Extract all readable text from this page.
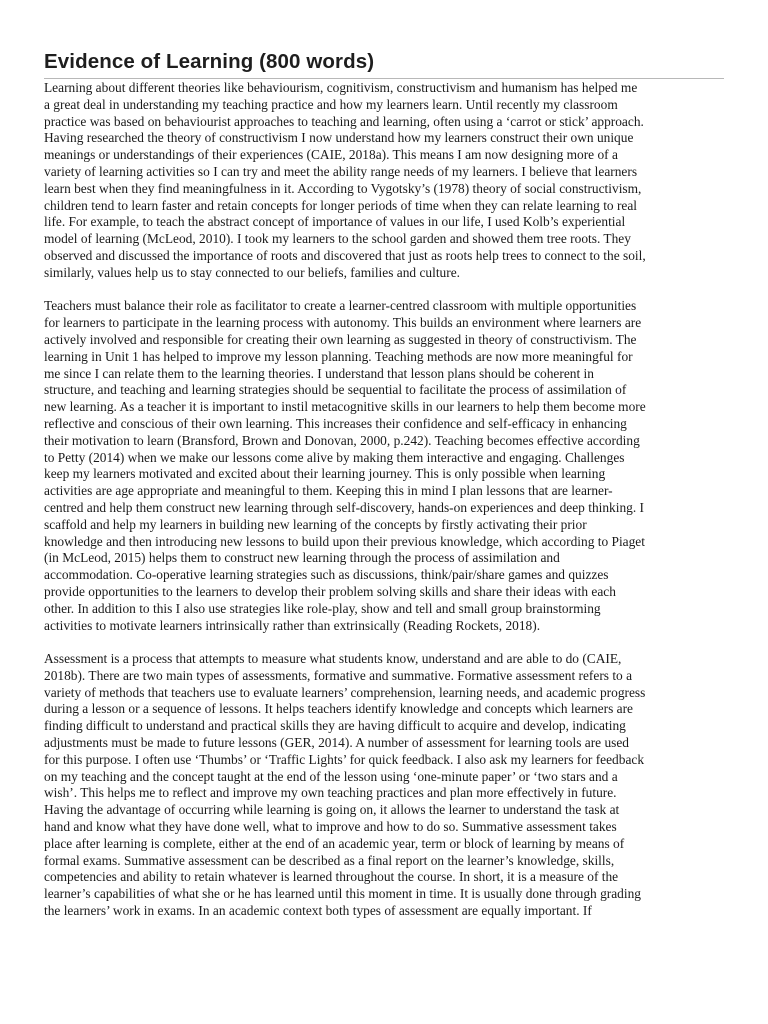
Evidence of Learning (800 words)

Learning about different theories like behaviourism, cognitivism, constructivism and humanism has helped me
a great deal in understanding my teaching practice and how my learners learn. Until recently my classroom
practice was based on behaviourist approaches to teaching and learning, often using a ‘carrot or stick’ approach.
Having researched the theory of constructivism I now understand how my learners construct their own unique
meanings or understandings of their experiences (CAIE, 2018a). This means I am now designing more of a
variety of learning activities so I can try and meet the ability range needs of my learners. I believe that learners
learn best when they find meaningfulness in it. According to Vygotsky’s (1978) theory of social constructivism,
children tend to learn faster and retain concepts for longer periods of time when they can relate learning to real
life. For example, to teach the abstract concept of importance of values in our life, I used Kolb’s experiential
model of learning (McLeod, 2010). I took my learners to the school garden and showed them tree roots. They
observed and discussed the importance of roots and discovered that just as roots help trees to connect to the soil,
similarly, values help us to stay connected to our beliefs, families and culture.

Teachers must balance their role as facilitator to create a learner-centred classroom with multiple opportunities
for learners to participate in the learning process with autonomy. This builds an environment where learners are
actively involved and responsible for creating their own learning as suggested in theory of constructivism. The
learning in Unit 1 has helped to improve my lesson planning. Teaching methods are now more meaningful for
me since I can relate them to the learning theories. I understand that lesson plans should be coherent in
structure, and teaching and learning strategies should be sequential to facilitate the process of assimilation of
new learning. As a teacher it is important to instil metacognitive skills in our learners to help them become more
reflective and conscious of their own learning. This increases their confidence and self-efficacy in enhancing
their motivation to learn (Bransford, Brown and Donovan, 2000, p.242). Teaching becomes effective according
to Petty (2014) when we make our lessons come alive by making them interactive and engaging. Challenges
keep my learners motivated and excited about their learning journey. This is only possible when learning
activities are age appropriate and meaningful to them. Keeping this in mind I plan lessons that are learner-
centred and help them construct new learning through self-discovery, hands-on experiences and deep thinking. I
scaffold and help my learners in building new learning of the concepts by firstly activating their prior
knowledge and then introducing new lessons to build upon their previous knowledge, which according to Piaget
(in McLeod, 2015) helps them to construct new learning through the process of assimilation and
accommodation. Co-operative learning strategies such as discussions, think/pair/share games and quizzes
provide opportunities to the learners to develop their problem solving skills and share their ideas with each
other. In addition to this I also use strategies like role-play, show and tell and small group brainstorming
activities to motivate learners intrinsically rather than extrinsically (Reading Rockets, 2018).

Assessment is a process that attempts to measure what students know, understand and are able to do (CAIE,
2018b). There are two main types of assessments, formative and summative. Formative assessment refers to a
variety of methods that teachers use to evaluate learners’ comprehension, learning needs, and academic progress
during a lesson or a sequence of lessons. It helps teachers identify knowledge and concepts which learners are
finding difficult to understand and practical skills they are having difficult to acquire and develop, indicating
adjustments must be made to future lessons (GER, 2014). A number of assessment for learning tools are used
for this purpose. I often use ‘Thumbs’ or ‘Traffic Lights’ for quick feedback. I also ask my learners for feedback
on my teaching and the concept taught at the end of the lesson using ‘one-minute paper’ or ‘two stars and a
wish’. This helps me to reflect and improve my own teaching practices and plan more effectively in future.
Having the advantage of occurring while learning is going on, it allows the learner to understand the task at
hand and know what they have done well, what to improve and how to do so. Summative assessment takes
place after learning is complete, either at the end of an academic year, term or block of learning by means of
formal exams. Summative assessment can be described as a final report on the learner’s knowledge, skills,
competencies and ability to retain whatever is learned throughout the course. In short, it is a measure of the
learner’s capabilities of what she or he has learned until this moment in time. It is usually done through grading
the learners’ work in exams. In an academic context both types of assessment are equally important. If
